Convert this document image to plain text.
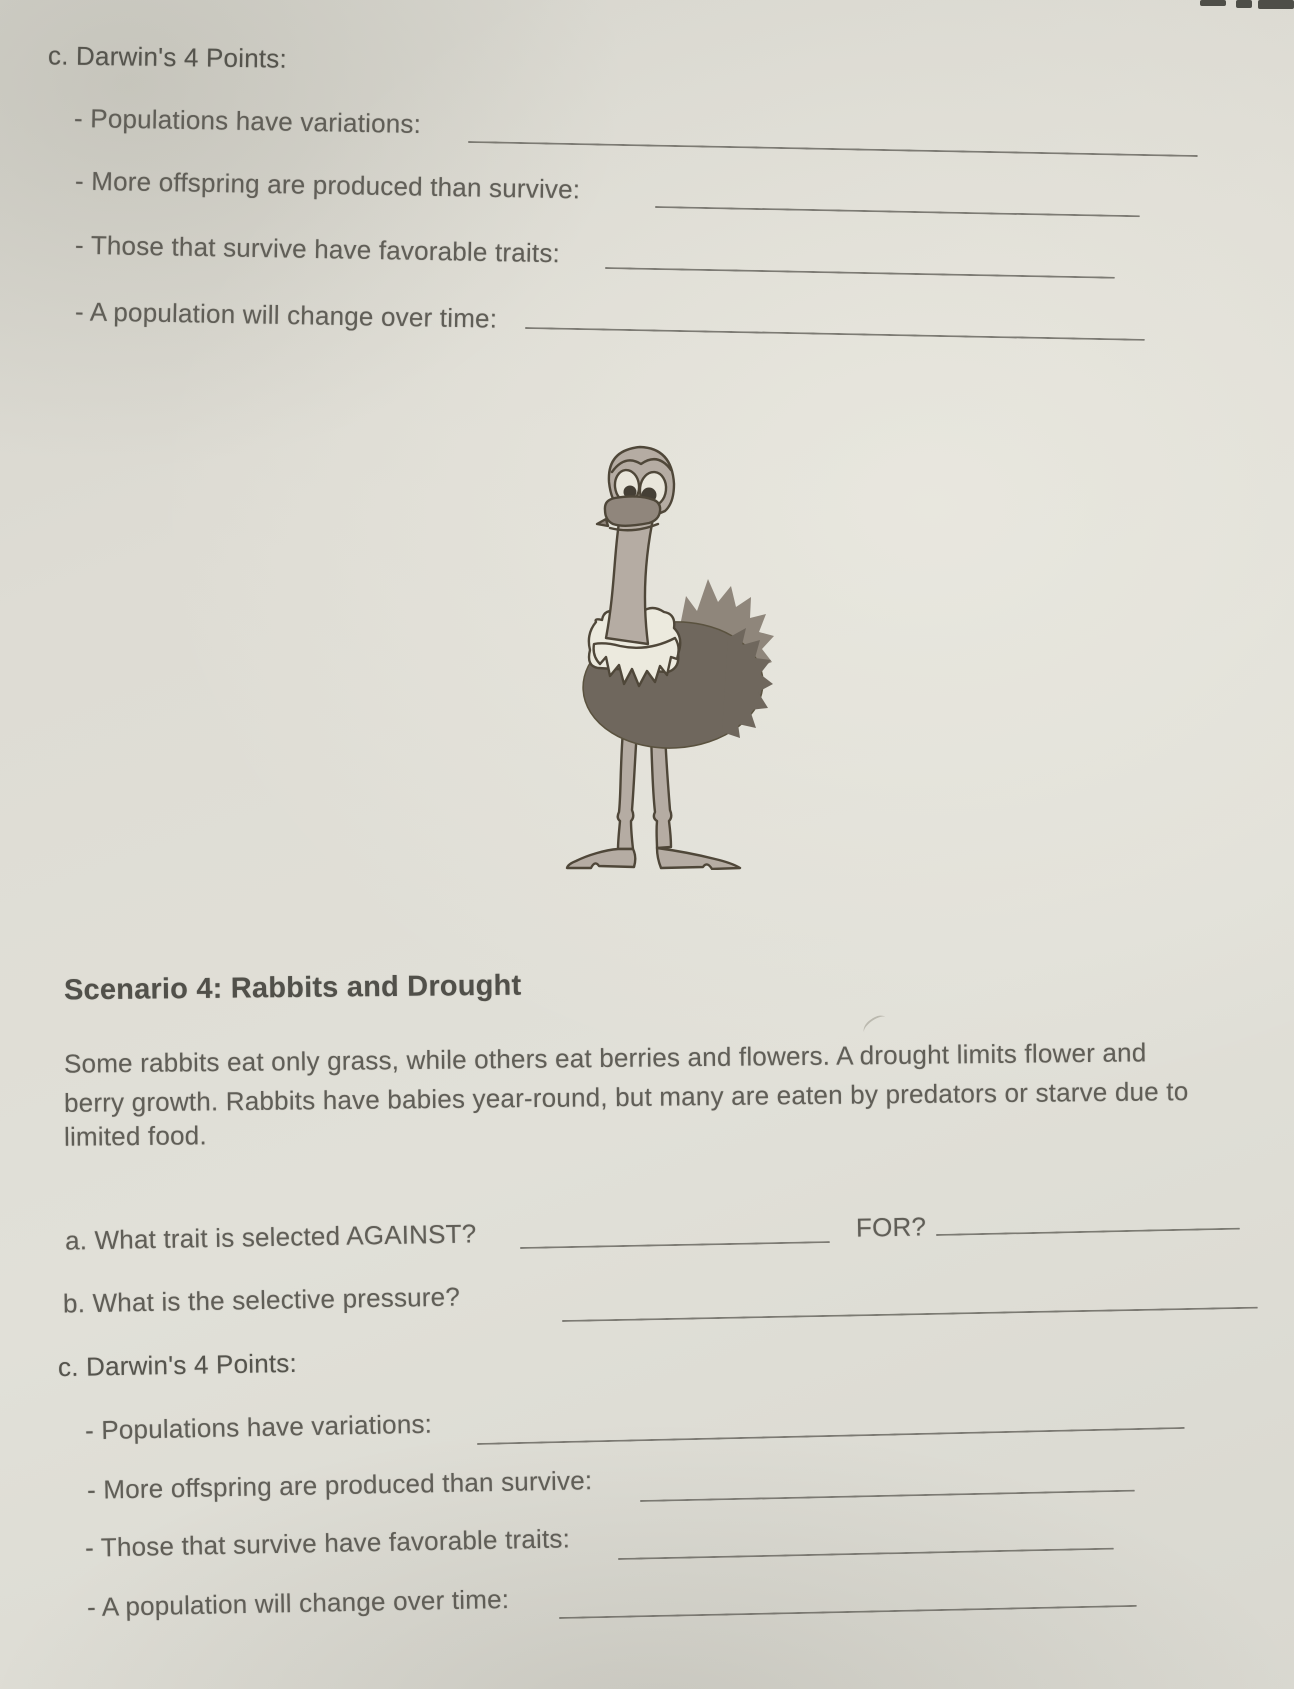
c. Darwin's 4 Points:
- Populations have variations:
- More offspring are produced than survive:
- Those that survive have favorable traits:
- A population will change over time:
Scenario 4: Rabbits and Drought
Some rabbits eat only grass, while others eat berries and flowers. A drought limits flower and
berry growth. Rabbits have babies year-round, but many are eaten by predators or starve due to
limited food.
a. What trait is selected AGAINST?	FOR?
b. What is the selective pressure?
c. Darwin's 4 Points:
- Populations have variations:
- More offspring are produced than survive:
- Those that survive have favorable traits:
- A population will change over time:
